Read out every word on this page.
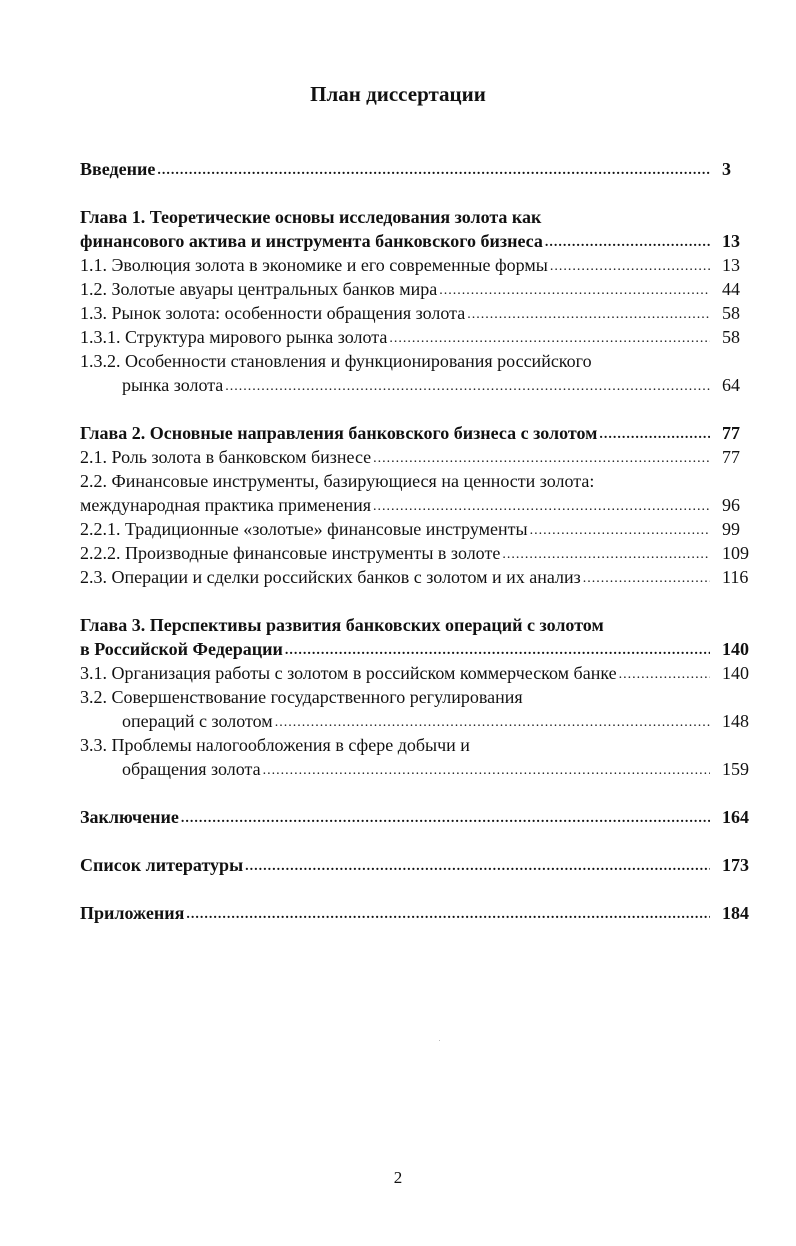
План диссертации
Введение .....	3
Глава 1. Теоретические основы исследования золота как
финансового актива и инструмента банковского бизнеса .....	13
1.1. Эволюция золота в экономике и его современные формы .....	13
1.2. Золотые авуары центральных банков мира .....	44
1.3. Рынок золота: особенности обращения золота .....	58
1.3.1. Структура мирового рынка золота .....	58
1.3.2. Особенности становления и функционирования российского
рынка золота .....	64
Глава 2. Основные направления банковского бизнеса с золотом .....	77
2.1. Роль золота в банковском бизнесе .....	77
2.2. Финансовые инструменты, базирующиеся на ценности золота:
международная практика применения .....	96
2.2.1. Традиционные «золотые» финансовые инструменты .....	99
2.2.2. Производные финансовые инструменты в золоте .....	109
2.3. Операции и сделки российских банков с золотом и их анализ .....	116
Глава 3. Перспективы развития банковских операций с золотом
в Российской Федерации .....	140
3.1. Организация работы с золотом в российском коммерческом банке .....	140
3.2. Совершенствование государственного регулирования
операций с золотом .....	148
3.3. Проблемы налогообложения в сфере добычи и
обращения золота .....	159
Заключение .....	164
Список литературы .....	173
Приложения .....	184
2
